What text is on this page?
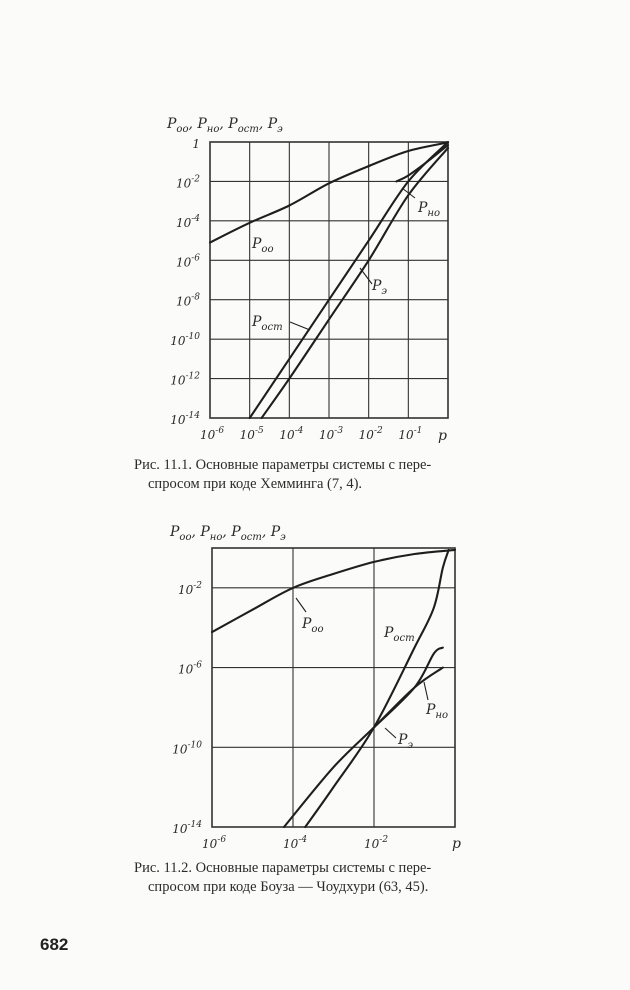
$10^{-6}$ $10^{-5}$ $10^{-4}$ $10^{-3}$ $10^{-2}$ $10^{-1}$
1
$10^{-2}$
$10^{-4}$
$10^{-6}$
$10^{-8}$
$10^{-10}$
$10^{-12}$
$10^{-14}$
$P_{оо}$, $P_{но}$, $P_{ост}$, $P_э$
p
$P_{оо}$
$P_{ост}$
$P_э$
$P_{но}$
Рис. 11.1. Основные параметры системы с пере-
спросом при коде Хемминга (7, 4).
$10^{-6}$	$10^{-4}$	$10^{-2}$
$10^{-2}$
$10^{-6}$
$10^{-10}$
$10^{-14}$
$P_{оо}$, $P_{но}$, $P_{ост}$, $P_э$
p
$P_{оо}$	$P_{ост}$
$P_э$
$P_{но}$
Рис. 11.2. Основные параметры системы с пере-
спросом при коде Боуза — Чоудхури (63, 45).
682
